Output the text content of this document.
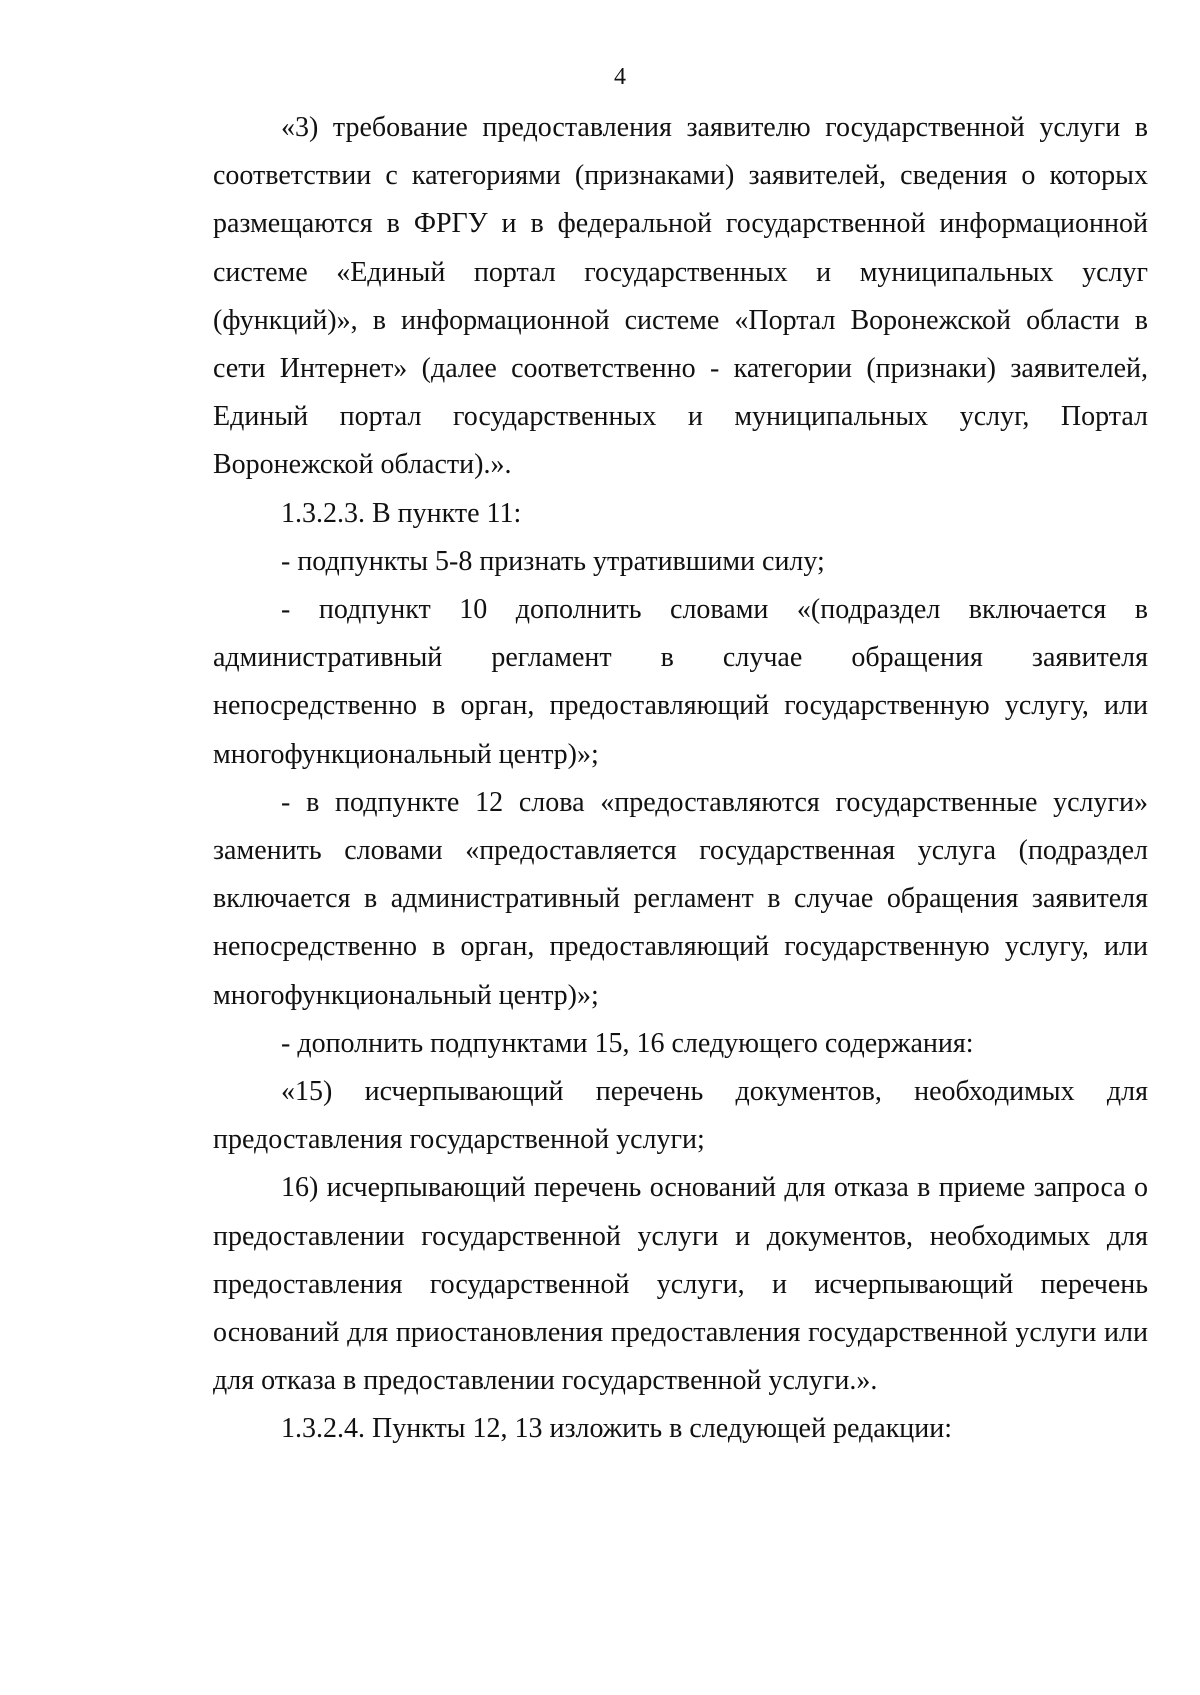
4

«3) требование предоставления заявителю государственной услуги в соответствии с категориями (признаками) заявителей, сведения о которых размещаются в ФРГУ и в федеральной государственной информационной системе «Единый портал государственных и муниципальных услуг (функций)», в информационной системе «Портал Воронежской области в сети Интернет» (далее соответственно - категории (признаки) заявителей, Единый портал государственных и муниципальных услуг, Портал Воронежской области).».

1.3.2.3. В пункте 11:

- подпункты 5-8 признать утратившими силу;

- подпункт 10 дополнить словами «(подраздел включается в административный регламент в случае обращения заявителя непосредственно в орган, предоставляющий государственную услугу, или многофункциональный центр)»;

- в подпункте 12 слова «предоставляются государственные услуги» заменить словами «предоставляется государственная услуга (подраздел включается в административный регламент в случае обращения заявителя непосредственно в орган, предоставляющий государственную услугу, или многофункциональный центр)»;

- дополнить подпунктами 15, 16 следующего содержания:

«15) исчерпывающий перечень документов, необходимых для предоставления государственной услуги;

16) исчерпывающий перечень оснований для отказа в приеме запроса о предоставлении государственной услуги и документов, необходимых для предоставления государственной услуги, и исчерпывающий перечень оснований для приостановления предоставления государственной услуги или для отказа в предоставлении государственной услуги.».

1.3.2.4. Пункты 12, 13 изложить в следующей редакции:
